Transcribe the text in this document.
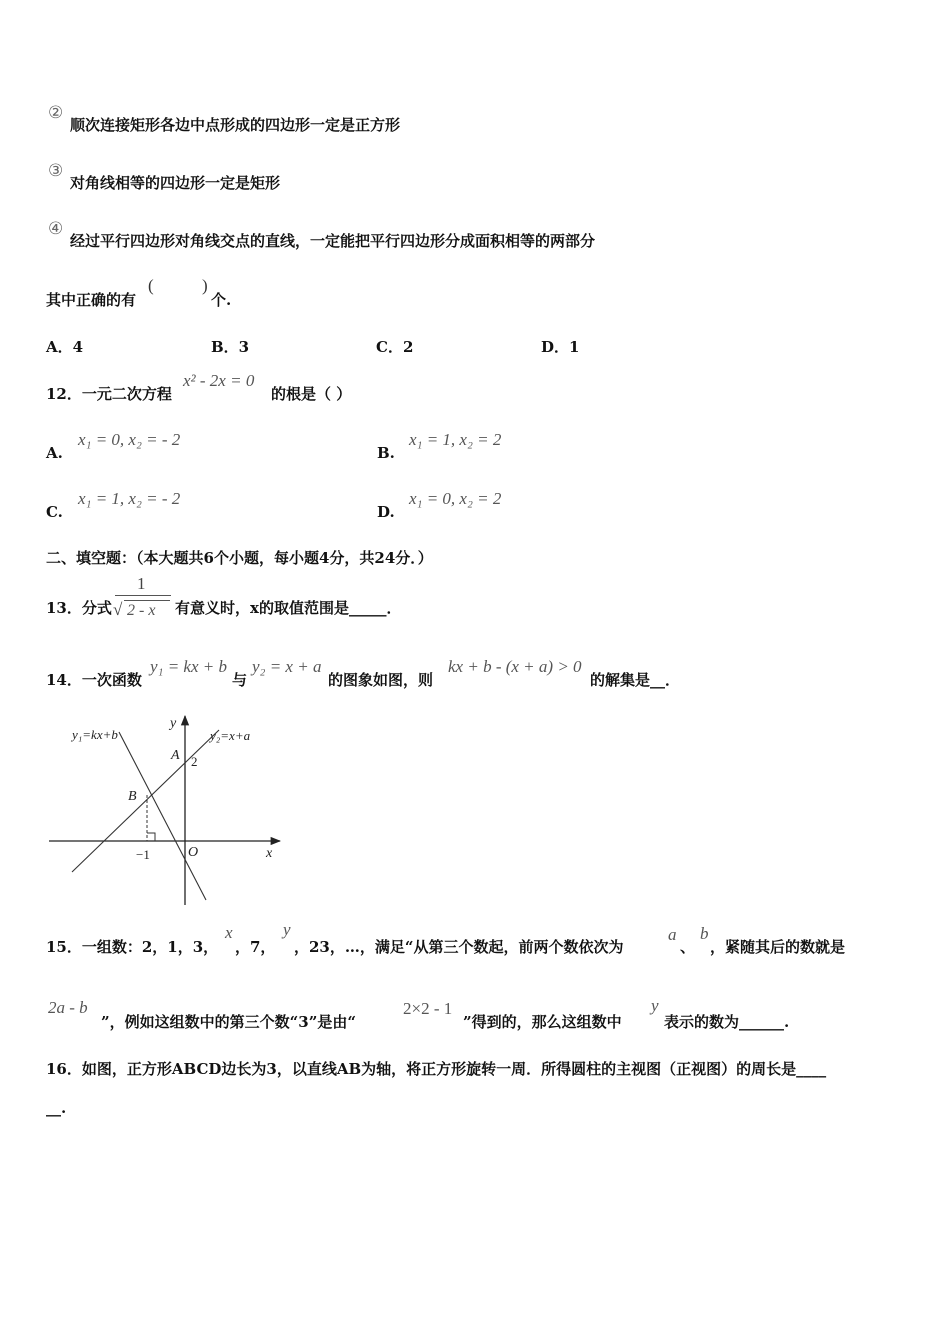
②
顺次连接矩形各边中点形成的四边形一定是正方形
③
对角线相等的四边形一定是矩形
④
经过平行四边形对角线交点的直线，一定能把平行四边形分成面积相等的两部分
其中正确的有
(	)
个.
A．4	B．3	C．2	D．1
12．一元二次方程
x² - 2x = 0
的根是（ ）
A.
x₁ = 0, x₂ = - 2
B.
x₁ = 1, x₂ = 2
C.
x₁ = 1, x₂ = - 2
D.
x₁ = 0, x₂ = 2
二、填空题：（本大题共6个小题，每小题4分，共24分．）
13．分式
1
√ 2 - x 有意义时，x的取值范围是_____．
14．一次函数
y₁ = kx + b
与
y₂ = x + a
的图象如图，则
kx + b - (x + a) > 0
的解集是__．
y₁=kx+b	y₂=x+a
y
x
O
A
B
2
−1
15．一组数：2，1，3，
x
，7，
y
，23，…，满足“从第三个数起，前两个数依次为
a
、
b
，紧随其后的数就是
2a - b
”，例如这组数中的第三个数“3”是由“
2×2 - 1
”得到的，那么这组数中
y
表示的数为______.
16．如图，正方形ABCD边长为3，以直线AB为轴，将正方形旋转一周．所得圆柱的主视图（正视图）的周长是____
__.
